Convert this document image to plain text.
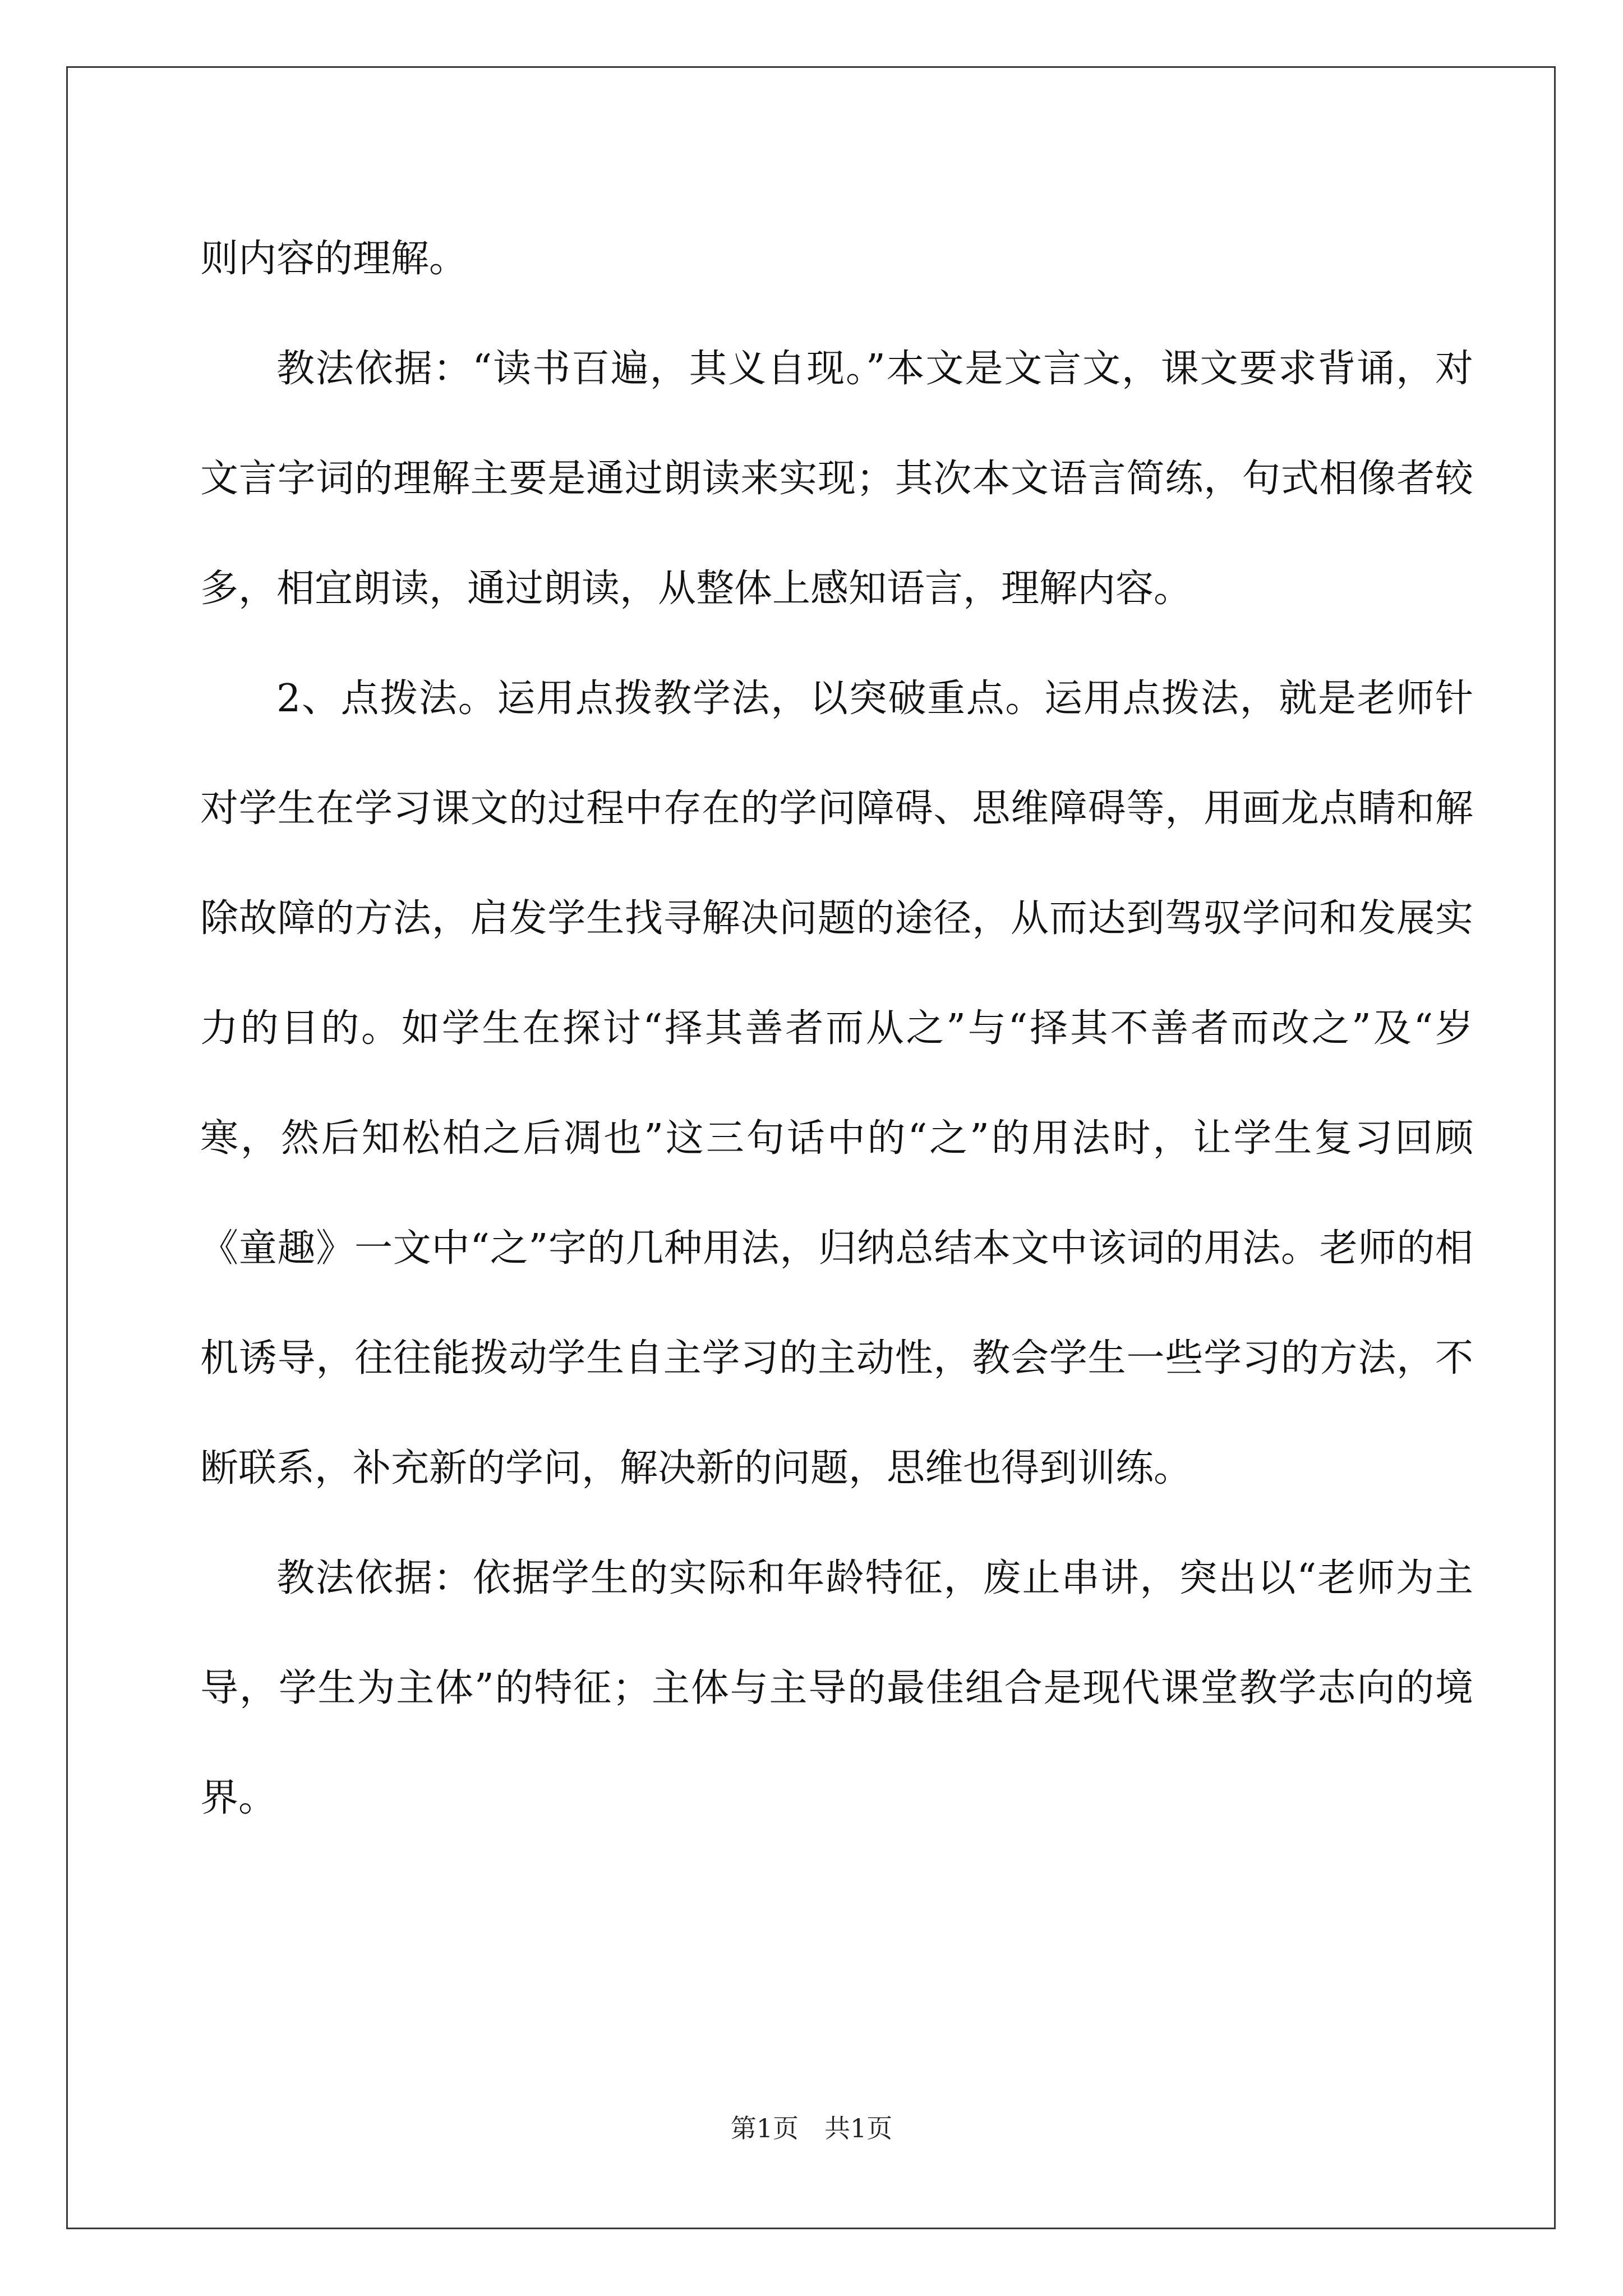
则内容的理解。

教法依据：“读书百遍，其义自现。”本文是文言文，课文要求背诵，对文言字词的理解主要是通过朗读来实现；其次本文语言简练，句式相像者较多，相宜朗读，通过朗读，从整体上感知语言，理解内容。

2、点拨法。运用点拨教学法，以突破重点。运用点拨法，就是老师针对学生在学习课文的过程中存在的学问障碍、思维障碍等，用画龙点睛和解除故障的方法，启发学生找寻解决问题的途径，从而达到驾驭学问和发展实力的目的。如学生在探讨“择其善者而从之”与“择其不善者而改之”及“岁寒，然后知松柏之后凋也”这三句话中的“之”的用法时，让学生复习回顾《童趣》一文中“之”字的几种用法，归纳总结本文中该词的用法。老师的相机诱导，往往能拨动学生自主学习的主动性，教会学生一些学习的方法，不断联系，补充新的学问，解决新的问题，思维也得到训练。

教法依据：依据学生的实际和年龄特征，废止串讲，突出以“老师为主导，学生为主体”的特征；主体与主导的最佳组合是现代课堂教学志向的境界。

第1页　共1页
